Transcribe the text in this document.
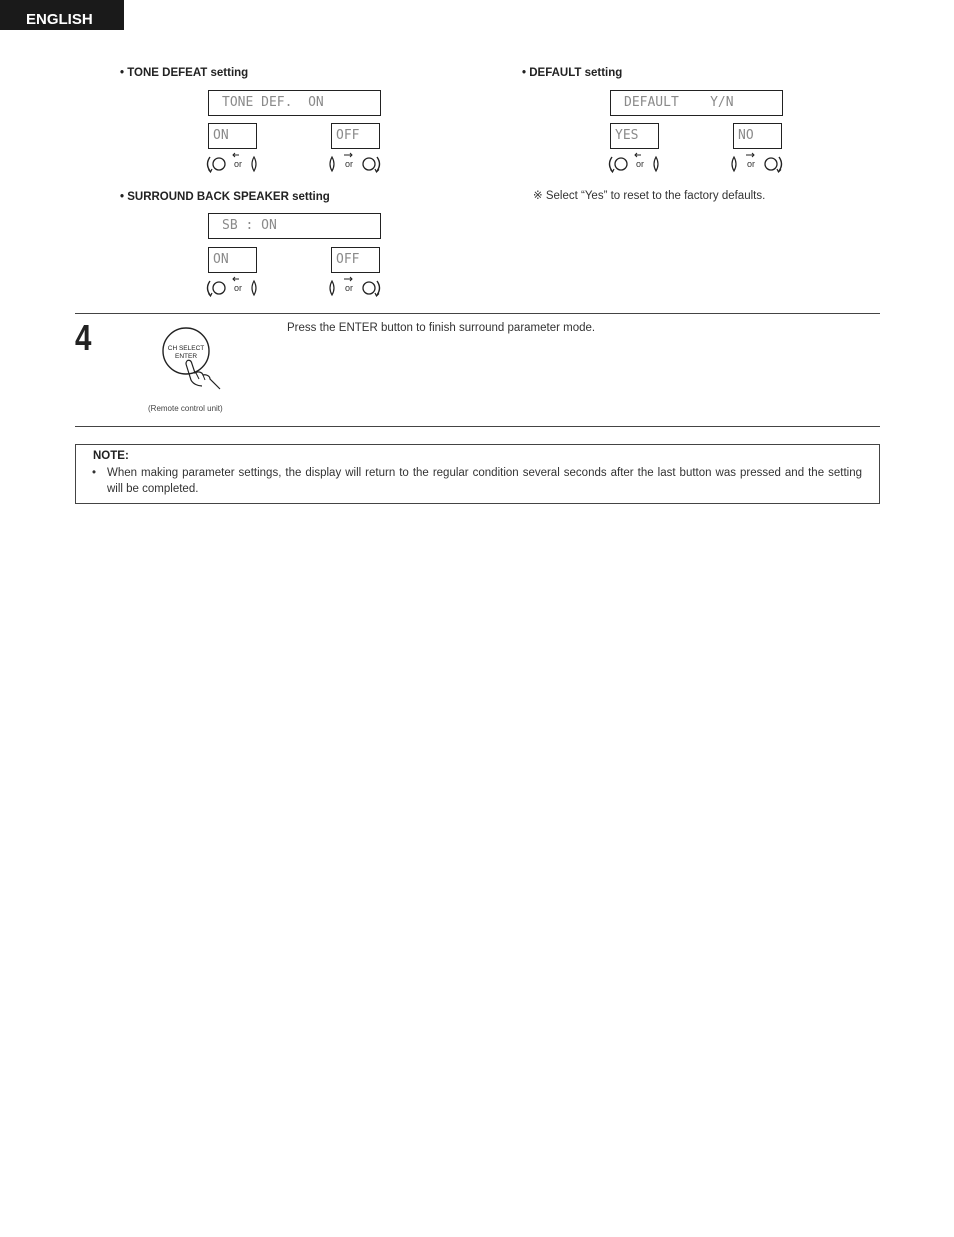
ENGLISH
• TONE DEFEAT setting
TONE DEF.  ON
ON	OFF
or	or
• SURROUND BACK SPEAKER setting
SB : ON
ON	OFF
or	or
• DEFAULT setting
DEFAULT    Y/N
YES	NO
or	or
※ Select “Yes” to reset to the factory defaults.
4	CH SELECT
ENTER
(Remote control unit)
Press the ENTER button to finish surround parameter mode.
NOTE:
• When making parameter settings, the display will return to the regular condition several seconds after the last button was pressed and the setting will be completed.
